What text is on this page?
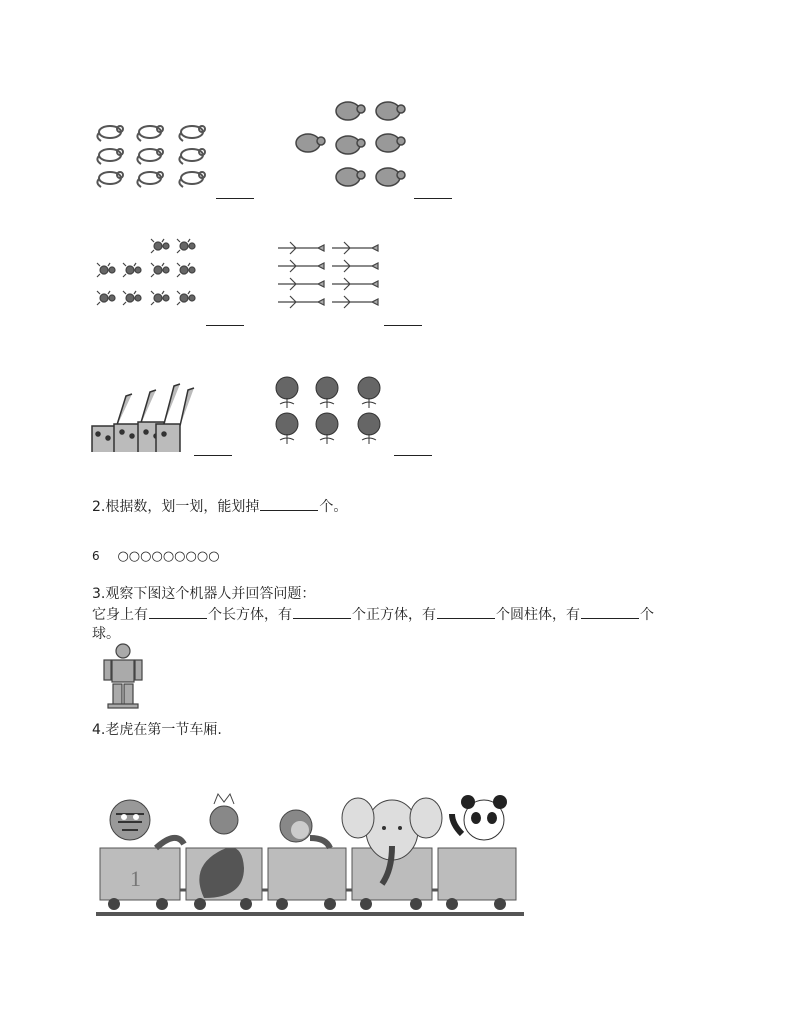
2.根据数，划一划，能划掉	个。
6 ○○○○○○○○○
3.观察下图这个机器人并回答问题：
它身上有	个长方体，有	个正方体，有	个圆柱体，有	个
球。
4.老虎在第一节车厢.
1
